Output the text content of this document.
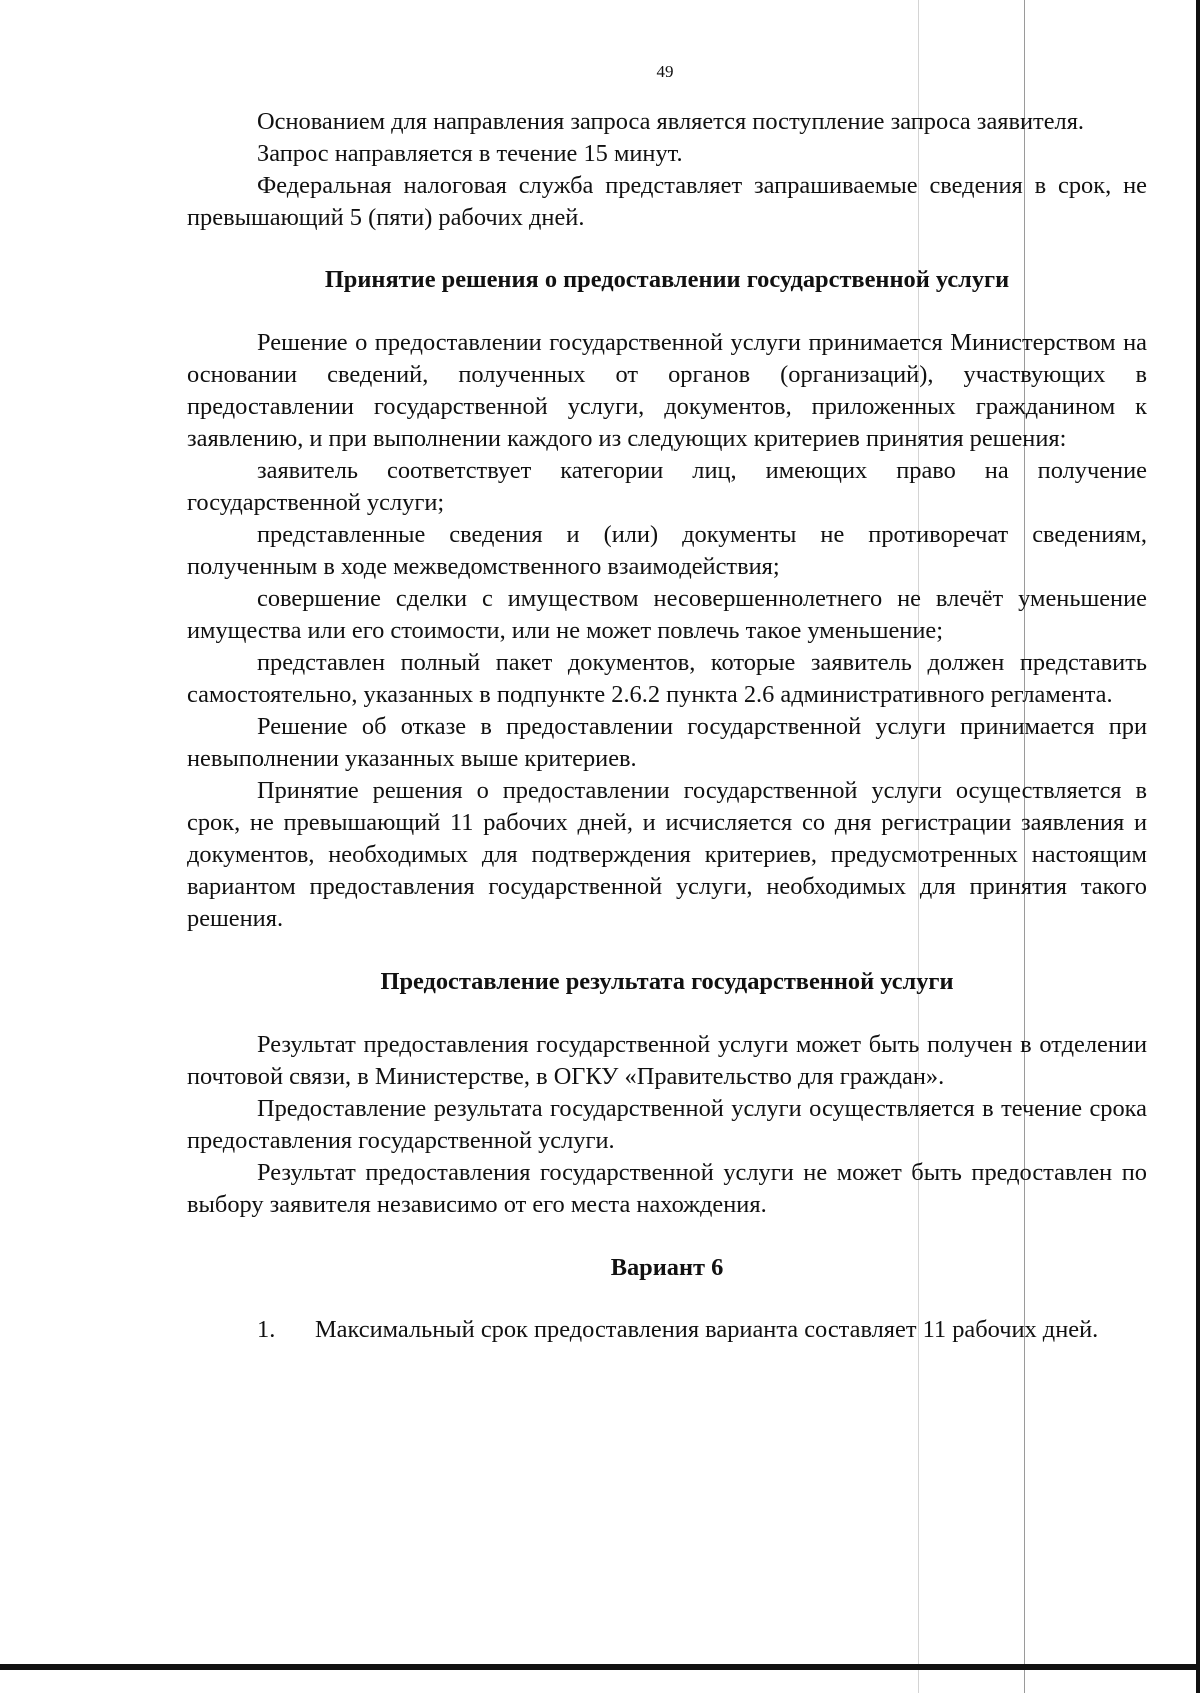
49

Основанием для направления запроса является поступление запроса заявителя.

Запрос направляется в течение 15 минут.

Федеральная налоговая служба представляет запрашиваемые сведения в срок, не превышающий 5 (пяти) рабочих дней.

Принятие решения о предоставлении государственной услуги

Решение о предоставлении государственной услуги принимается Министерством на основании сведений, полученных от органов (организаций), участвующих в предоставлении государственной услуги, документов, приложенных гражданином к заявлению, и при выполнении каждого из следующих критериев принятия решения:

заявитель соответствует категории лиц, имеющих право на получение государственной услуги;

представленные сведения и (или) документы не противоречат сведениям, полученным в ходе межведомственного взаимодействия;

совершение сделки с имуществом несовершеннолетнего не влечёт уменьшение имущества или его стоимости, или не может повлечь такое уменьшение;

представлен полный пакет документов, которые заявитель должен представить самостоятельно, указанных в подпункте 2.6.2 пункта 2.6 административного регламента.

Решение об отказе в предоставлении государственной услуги принимается при невыполнении указанных выше критериев.

Принятие решения о предоставлении государственной услуги осуществляется в срок, не превышающий 11 рабочих дней, и исчисляется со дня регистрации заявления и документов, необходимых для подтверждения критериев, предусмотренных настоящим вариантом предоставления государственной услуги, необходимых для принятия такого решения.

Предоставление результата государственной услуги

Результат предоставления государственной услуги может быть получен в отделении почтовой связи, в Министерстве, в ОГКУ «Правительство для граждан».

Предоставление результата государственной услуги осуществляется в течение срока предоставления государственной услуги.

Результат предоставления государственной услуги не может быть предоставлен по выбору заявителя независимо от его места нахождения.

Вариант 6

1. Максимальный срок предоставления варианта составляет 11 рабочих дней.
